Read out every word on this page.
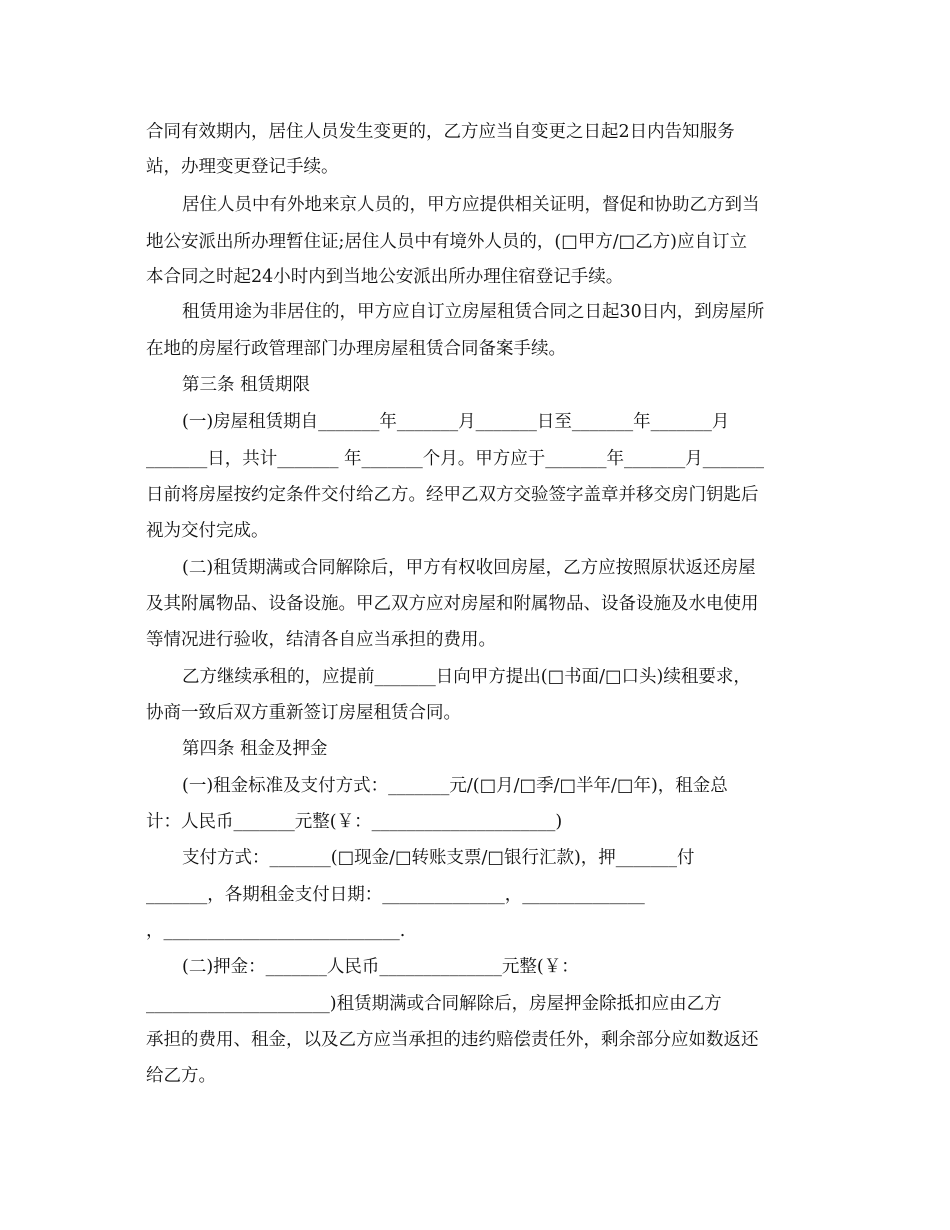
合同有效期内，居住人员发生变更的，乙方应当自变更之日起2日内告知服务

站，办理变更登记手续。

居住人员中有外地来京人员的，甲方应提供相关证明，督促和协助乙方到当

地公安派出所办理暂住证;居住人员中有境外人员的，(□甲方/□乙方)应自订立

本合同之时起24小时内到当地公安派出所办理住宿登记手续。

租赁用途为非居住的，甲方应自订立房屋租赁合同之日起30日内，到房屋所

在地的房屋行政管理部门办理房屋租赁合同备案手续。

第三条 租赁期限

(一)房屋租赁期自_______年_______月_______日至_______年_______月

_______日，共计_______ 年_______个月。甲方应于_______年_______月_______

日前将房屋按约定条件交付给乙方。经甲乙双方交验签字盖章并移交房门钥匙后

视为交付完成。

(二)租赁期满或合同解除后，甲方有权收回房屋，乙方应按照原状返还房屋

及其附属物品、设备设施。甲乙双方应对房屋和附属物品、设备设施及水电使用

等情况进行验收，结清各自应当承担的费用。

乙方继续承租的，应提前_______日向甲方提出(□书面/□口头)续租要求，

协商一致后双方重新签订房屋租赁合同。

第四条 租金及押金

(一)租金标准及支付方式：_______元/(□月/□季/□半年/□年)，租金总

计：人民币_______元整(￥：_____________________)

支付方式：_______(□现金/□转账支票/□银行汇款)，押_______付

_______，各期租金支付日期：______________，______________

，___________________________.

(二)押金：_______人民币______________元整(￥：

_____________________)租赁期满或合同解除后，房屋押金除抵扣应由乙方

承担的费用、租金，以及乙方应当承担的违约赔偿责任外，剩余部分应如数返还

给乙方。
